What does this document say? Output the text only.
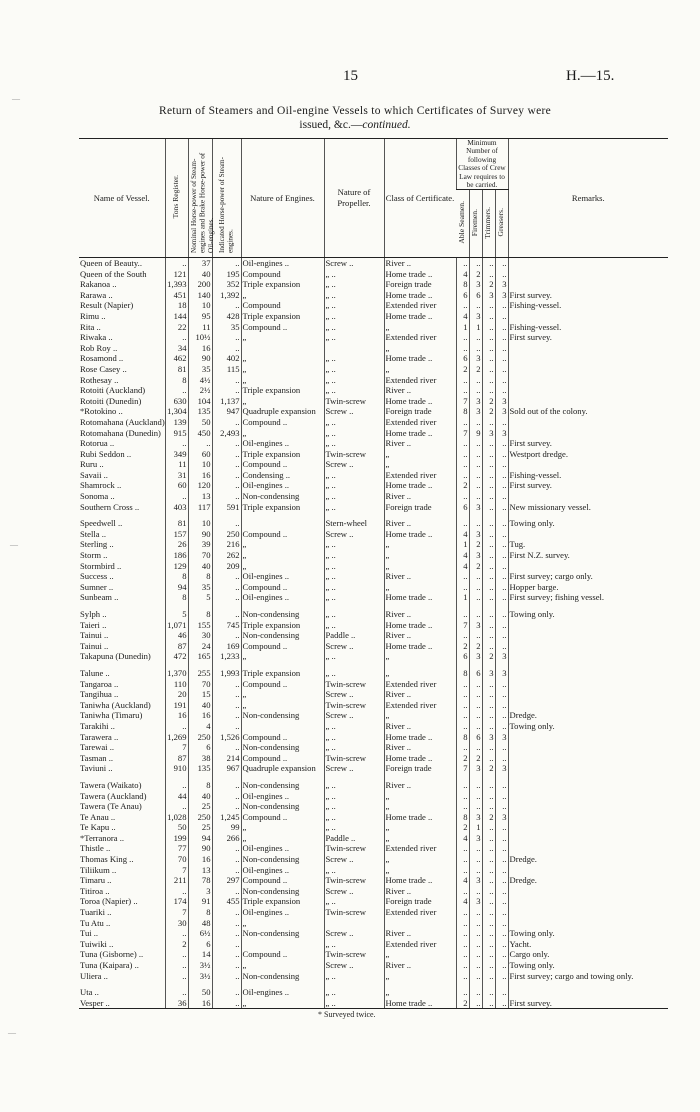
15	H.—15.
—
—
—
Return of Steamers and Oil-engine Vessels to which Certificates of Survey were
issued, &c.—continued.
Name of Vessel.	Tons Register.	Nominal Horse-power of Steam-engines and Brake Horse-power of Oil-engines.	Indicated Horse-power of Steam-engines.	Nature of Engines.	Nature of Propeller.	Class of Certificate.	Minimum Number of following Classes of Crew Law requires to be carried.				Remarks.
							Able Seamen.	Firemen.	Trimmers.	Greasers.	
Queen of Beauty..	..	37	..	Oil-engines ..	Screw ..	River ..	..	..	..	..	
Queen of the South	121	40	195	Compound	„ ..	Home trade ..	4	2	..	..	
Rakanoa ..	1,393	200	352	Triple expansion	„ ..	Foreign trade	8	3	2	3	
Rarawa ..	451	140	1,392	„	„ ..	Home trade ..	6	6	3	3	First survey.
Result (Napier)	18	10	..	Compound	„ ..	Extended river	..	..	..	..	Fishing-vessel.
Rimu ..	144	95	428	Triple expansion	„ ..	Home trade ..	4	3	..	..	
Rita ..	22	11	35	Compound ..	„ ..	„	1	1	..	..	Fishing-vessel.
Riwaka ..	..	10½	..	„	„ ..	Extended river	..	..	..	..	First survey.
Rob Roy ..	34	16	..			„	..	..	..	..	
Rosamond ..	462	90	402	„	„ ..	Home trade ..	6	3	..	..	
Rose Casey ..	81	35	115	„	„ ..	„	2	2	..	..	
Rothesay ..	8	4½	..	„	„ ..	Extended river	..	..	..	..	
Rotoiti (Auckland)	..	2½	..	Triple expansion	„ ..	River ..	..	..	..	..	
Rotoiti (Dunedin)	630	104	1,137	„	Twin-screw	Home trade ..	7	3	2	3	
*Rotokino ..	1,304	135	947	Quadruple expansion	Screw ..	Foreign trade	8	3	2	3	Sold out of the colony.
Rotomahana (Auckland)	139	50	..	Compound ..	„ ..	Extended river	..	..	..	..	
Rotomahana (Dunedin)	915	450	2,493	„	„ ..	Home trade ..	7	9	3	3	
Rotorua ..	..	..	..	Oil-engines ..	„ ..	River ..	..	..	..	..	First survey.
Rubi Seddon ..	349	60	..	Triple expansion	Twin-screw	„	..	..	..	..	Westport dredge.
Ruru ..	11	10	..	Compound ..	Screw ..	„	..	..	..	..	
Savaii ..	31	16	..	Condensing ..	„ ..	Extended river	..	..	..	..	Fishing-vessel.
Shamrock ..	60	120	..	Oil-engines ..	„ ..	Home trade ..	2	..	..	..	First survey.
Sonoma ..	..	13	..	Non-condensing	„ ..	River ..	..	..	..	..	
Southern Cross ..	403	117	591	Triple expansion	„ ..	Foreign trade	6	3	..	..	New missionary vessel.

Speedwell ..	81	10	..		Stern-wheel	River ..	..	..	..	..	Towing only.
Stella ..	157	90	250	Compound ..	Screw ..	Home trade ..	4	3	..	..	
Sterling ..	26	39	216	„	„ ..	„	1	2	..	..	Tug.
Storm ..	186	70	262	„	„ ..	„	4	3	..	..	First N.Z. survey.
Stormbird ..	129	40	209	„	„ ..	„	4	2	..	..	
Success ..	8	8	..	Oil-engines ..	„ ..	River ..	..	..	..	..	First survey; cargo only.
Sumner ..	94	35	..	Compound ..	„ ..	„	..	..	..	..	Hopper barge.
Sunbeam ..	8	5	..	Oil-engines ..	„ ..	Home trade ..	1	..	..	..	First survey; fishing vessel.

Sylph ..	5	8	..	Non-condensing	„ ..	River ..	..	..	..	..	Towing only.
Taieri ..	1,071	155	745	Triple expansion	„ ..	Home trade ..	7	3	..	..	
Tainui ..	46	30	..	Non-condensing	Paddle ..	River ..	..	..	..	..	
Tainui ..	87	24	169	Compound ..	Screw ..	Home trade ..	2	2	..	..	
Takapuna (Dunedin)	472	165	1,233	„	„ ..	„	6	3	2	3	

Talune ..	1,370	255	1,993	Triple expansion	„ ..	„	8	6	3	3	
Tangaroa ..	110	70	..	Compound ..	Twin-screw	Extended river	..	..	..	..	
Tangihua ..	20	15	..	„	Screw ..	River ..	..	..	..	..	
Taniwha (Auckland)	191	40	..	„	Twin-screw	Extended river	..	..	..	..	
Taniwha (Timaru)	16	16	..	Non-condensing	Screw ..	„	..	..	..	..	Dredge.
Tarakihi ..	..	4	..		„ ..	River ..	..	..	..	..	Towing only.
Tarawera ..	1,269	250	1,526	Compound ..	„ ..	Home trade ..	8	6	3	3	
Tarewai ..	7	6	..	Non-condensing	„ ..	River ..	..	..	..	..	
Tasman ..	87	38	214	Compound ..	Twin-screw	Home trade ..	2	2	..	..	
Taviuni ..	910	135	967	Quadruple expansion	Screw ..	Foreign trade	7	3	2	3	

Tawera (Waikato)	..	8	..	Non-condensing	„ ..	River ..	..	..	..	..	
Tawera (Auckland)	44	40	..	Oil-engines ..	„ ..	„	..	..	..	..	
Tawera (Te Anau)	..	25	..	Non-condensing	„ ..	„	..	..	..	..	
Te Anau ..	1,028	250	1,245	Compound ..	„ ..	Home trade ..	8	3	2	3	
Te Kapu ..	50	25	99	„	„ ..	„	2	1	..	..	
*Terranora ..	199	94	266	„	Paddle ..	„	4	3	..	..	
Thistle ..	77	90	..	Oil-engines ..	Twin-screw	Extended river	..	..	..	..	
Thomas King ..	70	16	..	Non-condensing	Screw ..	„	..	..	..	..	Dredge.
Tiliikum ..	7	13	..	Oil-engines ..	„ ..	„	..	..	..	..	
Timaru ..	211	78	297	Compound ..	Twin-screw	Home trade ..	4	3	..	..	Dredge.
Titiroa ..	..	3	..	Non-condensing	Screw ..	River ..	..	..	..	..	
Toroa (Napier) ..	174	91	455	Triple expansion	„ ..	Foreign trade	4	3	..	..	
Tuariki ..	7	8	..	Oil-engines ..	Twin-screw	Extended river	..	..	..	..	
Tu Atu ..	30	48	..	„			..	..	..	..	
Tui ..	..	6½	..	Non-condensing	Screw ..	River ..	..	..	..	..	Towing only.
Tuiwiki ..	2	6	..		„ ..	Extended river	..	..	..	..	Yacht.
Tuna (Gisborne) ..	..	14	..	Compound ..	Twin-screw	„	..	..	..	..	Cargo only.
Tuna (Kaipara) ..	..	3½	..	„	Screw ..	River ..	..	..	..	..	Towing only.
Uliera ..	..	3½	..	Non-condensing	„ ..	„	..	..	..	..	First survey; cargo and towing only.

Uta ..	..	50	..	Oil-engines ..	„ ..	„	..	..	..	..	
Vesper ..	36	16	..	„	„ ..	Home trade ..	2	..	..	..	First survey.
* Surveyed twice.
